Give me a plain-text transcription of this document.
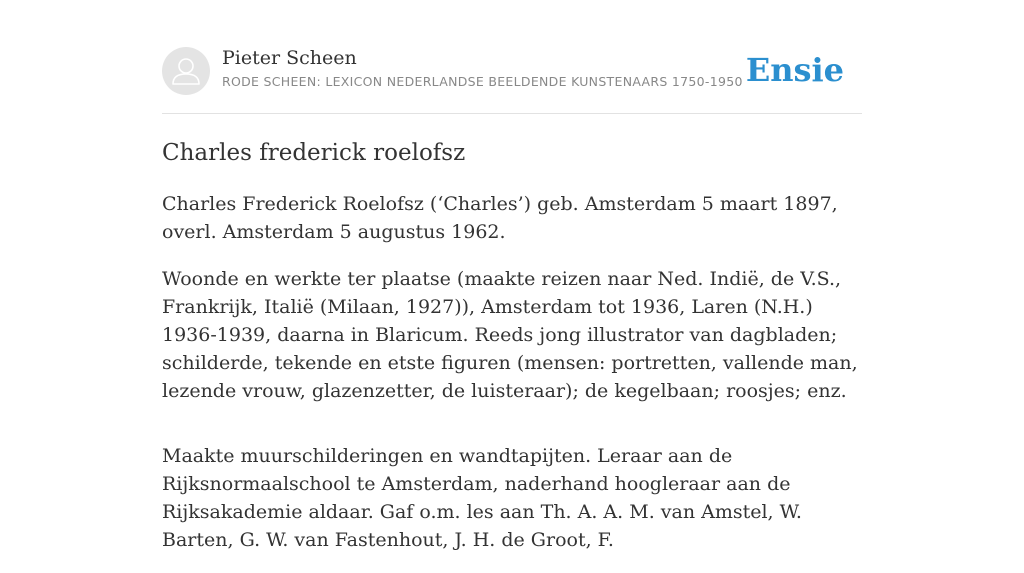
Pieter Scheen
RODE SCHEEN: LEXICON NEDERLANDSE BEELDENDE KUNSTENAARS 1750-1950 Ensie
Charles frederick roelofsz

Charles Frederick Roelofsz (‘Charles’) geb. Amsterdam 5 maart 1897, overl. Amsterdam 5 augustus 1962.

Woonde en werkte ter plaatse (maakte reizen naar Ned. Indië, de V.S., Frankrijk, Italië (Milaan, 1927)), Amsterdam tot 1936, Laren (N.H.) 1936-1939, daarna in Blaricum. Reeds jong illustrator van dagbladen; schilderde, tekende en etste figuren (mensen: portretten, vallende man, lezende vrouw, glazenzetter, de luisteraar); de kegelbaan; roosjes; enz.

Maakte muurschilderingen en wandtapijten. Leraar aan de Rijksnormaalschool te Amsterdam, naderhand hoogleraar aan de Rijksakademie aldaar. Gaf o.m. les aan Th. A. A. M. van Amstel, W. Barten, G. W. van Fastenhout, J. H. de Groot, F.
